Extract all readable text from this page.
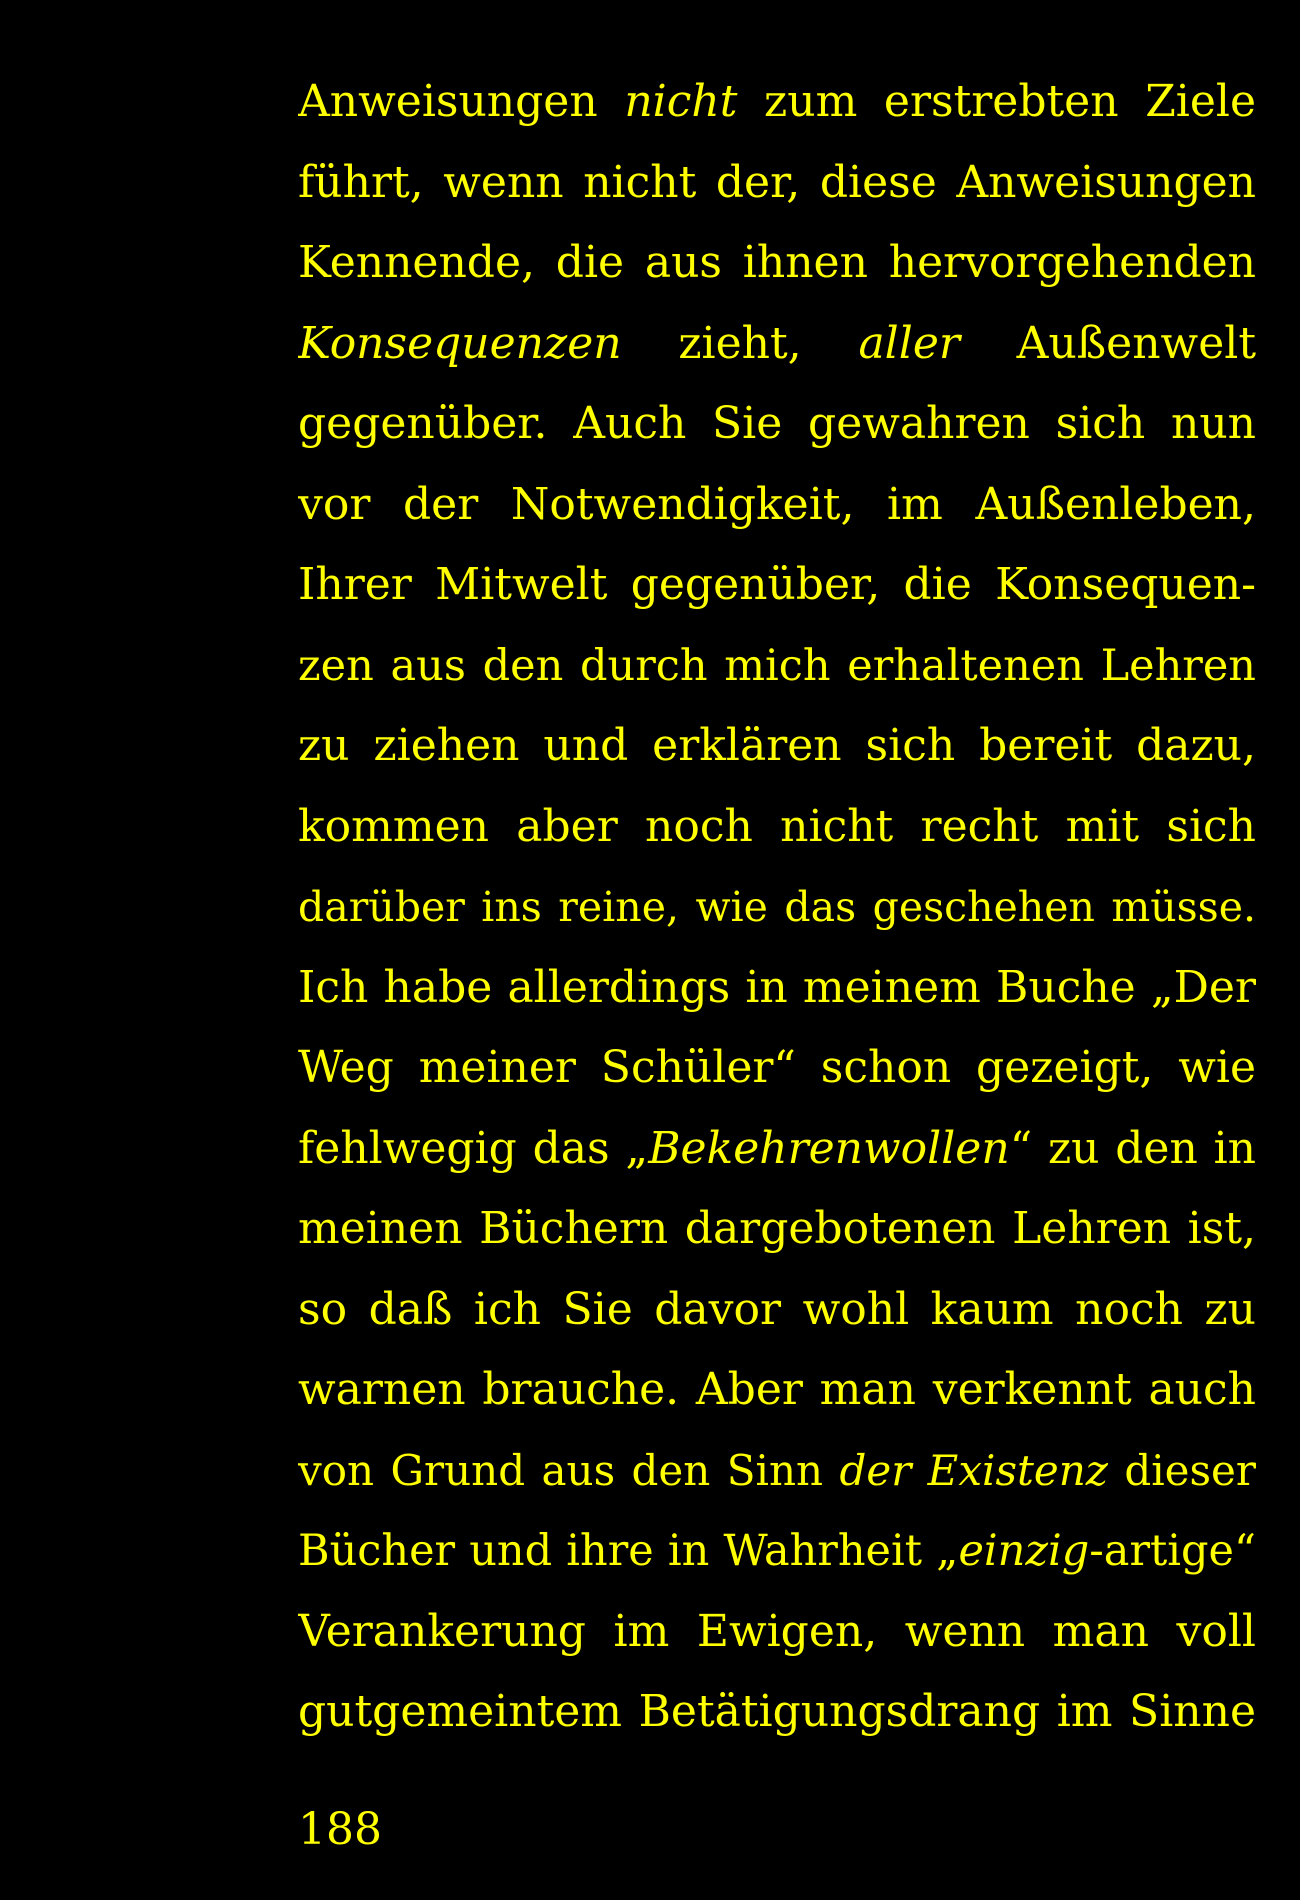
Anweisungen nicht zum erstrebten Ziele
führt, wenn nicht der, diese Anweisungen
Kennende, die aus ihnen hervorgehenden
Konsequenzen zieht, aller Außenwelt
gegenüber. Auch Sie gewahren sich nun
vor der Notwendigkeit, im Außenleben,
Ihrer Mitwelt gegenüber, die Konsequen-
zen aus den durch mich erhaltenen Lehren
zu ziehen und erklären sich bereit dazu,
kommen aber noch nicht recht mit sich
darüber ins reine, wie das geschehen müsse.
Ich habe allerdings in meinem Buche „Der
Weg meiner Schüler“ schon gezeigt, wie
fehlwegig das „Bekehrenwollen“ zu den in
meinen Büchern dargebotenen Lehren ist,
so daß ich Sie davor wohl kaum noch zu
warnen brauche. Aber man verkennt auch
von Grund aus den Sinn der Existenz dieser
Bücher und ihre in Wahrheit „einzig-artige“
Verankerung im Ewigen, wenn man voll
gutgemeintem Betätigungsdrang im Sinne
188
